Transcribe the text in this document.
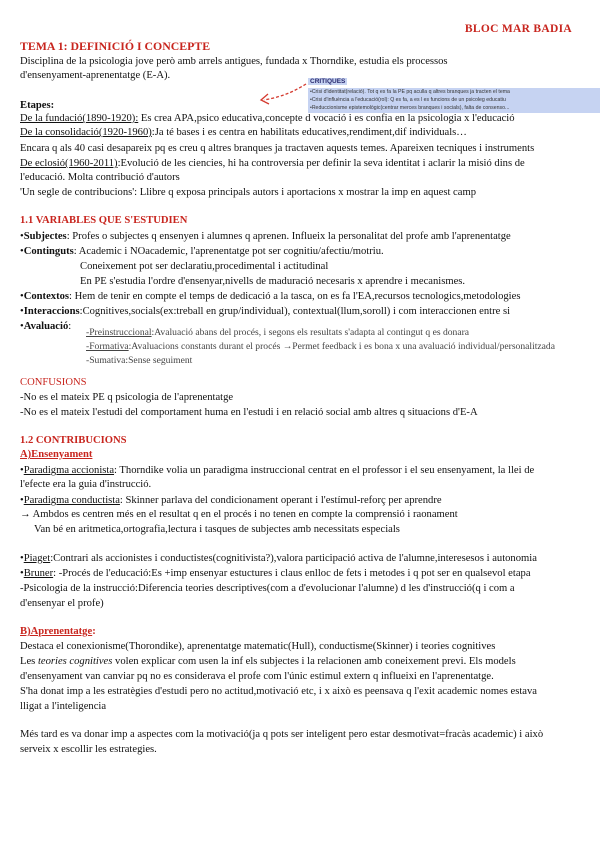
BLOC MAR BADIA
TEMA 1: DEFINICIÓ I CONCEPTE
Disciplina de la psicologia jove però amb arrels antigues, fundada x Thorndike, estudia els processos
d'ensenyament-aprenentatge (E-A).
CRITIQUES
•Crisi d'identitat(relació). Tot q es fa la PE pq aculla q altres branques ja tracten el tema
•Crisi d'influència a l'educació(rol): Q es fa, a es l es funcions de un psicoleg educatiu
•Reduccionisme epistemològic(centrar merces branques i socials), falta de consenso...
Etapes:
De la fundació(1890-1920): Es crea APA,psico educativa,concepte d vocació i es confia en la psicologia x l'educació
De la consolidació(1920-1960):Ja té bases i es centra en habilitats educatives,rendiment,dif individuals…
Encara q als 40 casi desapareix pq es creu q altres branques ja tractaven aquests temes. Apareixen tecniques i instruments
De eclosió(1960-2011):Evolució de les ciencies, hi ha controversia per definir la seva identitat i aclarir la misió dins de
l'educació. Molta contribució d'autors
'Un segle de contribucions': Llibre q exposa principals autors i aportacions x mostrar la imp en aquest camp
1.1 VARIABLES QUE S'ESTUDIEN
•Subjectes: Profes o subjectes q ensenyen i alumnes q aprenen. Influeix la personalitat del profe amb l'aprenentatge
•Continguts: Academic i NOacademic, l'aprenentatge pot ser cognitiu/afectiu/motriu.
Coneixement pot ser declaratiu,procedimental i actitudinal
En PE s'estudia l'ordre d'ensenyar,nivells de maduració necesaris x aprendre i mecanismes.
•Contextos: Hem de tenir en compte el temps de dedicació a la tasca, on es fa l'EA,recursos tecnologics,metodologies
•Interaccions:Cognitives,socials(ex:treball en grup/individual), contextual(llum,soroll) i com interaccionen entre si
•Avaluació:
-Preinstruccional:Avaluació abans del procés, i segons els resultats s'adapta al contingut q es donara
-Formativa:Avaluacions constants durant el procés →Permet feedback i es bona x una avaluació individual/personalitzada
-Sumativa:Sense seguiment
CONFUSIONS
-No es el mateix PE q psicologia de l'aprenentatge
-No es el mateix l'estudi del comportament huma en l'estudi i en relació social amb altres q situacions d'E-A
1.2 CONTRIBUCIONS
A)Ensenyament
•Paradigma accionista: Thorndike volia un paradigma instruccional centrat en el professor i el seu ensenyament, la llei de
l'efecte era la guia d'instrucció.
•Paradigma conductista: Skinner parlava del condicionament operant i l'estímul-reforç per aprendre
→ Ambdos es centren més en el resultat q en el procés i no tenen en compte la comprensió i raonament
Van bé en aritmetica,ortografia,lectura i tasques de subjectes amb necessitats especials
•Piaget:Contrari als accionistes i conductistes(cognitivista?),valora participació activa de l'alumne,interesesos i autonomia
•Bruner: -Procés de l'educació:Es +imp ensenyar estuctures i claus enlloc de fets i metodes i q pot ser en qualsevol etapa
-Psicologia de la instrucció:Diferencia teories descriptives(com a d'evolucionar l'alumne) d les d'instrucció(q i com a
d'ensenyar el profe)
B)Aprenentatge:
Destaca el conexionisme(Thorondike), aprenentatge matematic(Hull), conductisme(Skinner) i teories cognitives
Les teories cognitives volen explicar com usen la inf els subjectes i la relacionen amb coneixement previ. Els models
d'ensenyament van canviar pq no es considerava el profe com l'únic estimul extern q influeixi en l'aprenentatge.
S'ha donat imp a les estratègies d'estudi pero no actitud,motivació etc, i x això es peensava q l'exit academic nomes estava
lligat a l'inteligencia
Més tard es va donar imp a aspectes com la motivació(ja q pots ser inteligent pero estar desmotivat=fracàs academic) i això
serveix x escollir les estrategies.
